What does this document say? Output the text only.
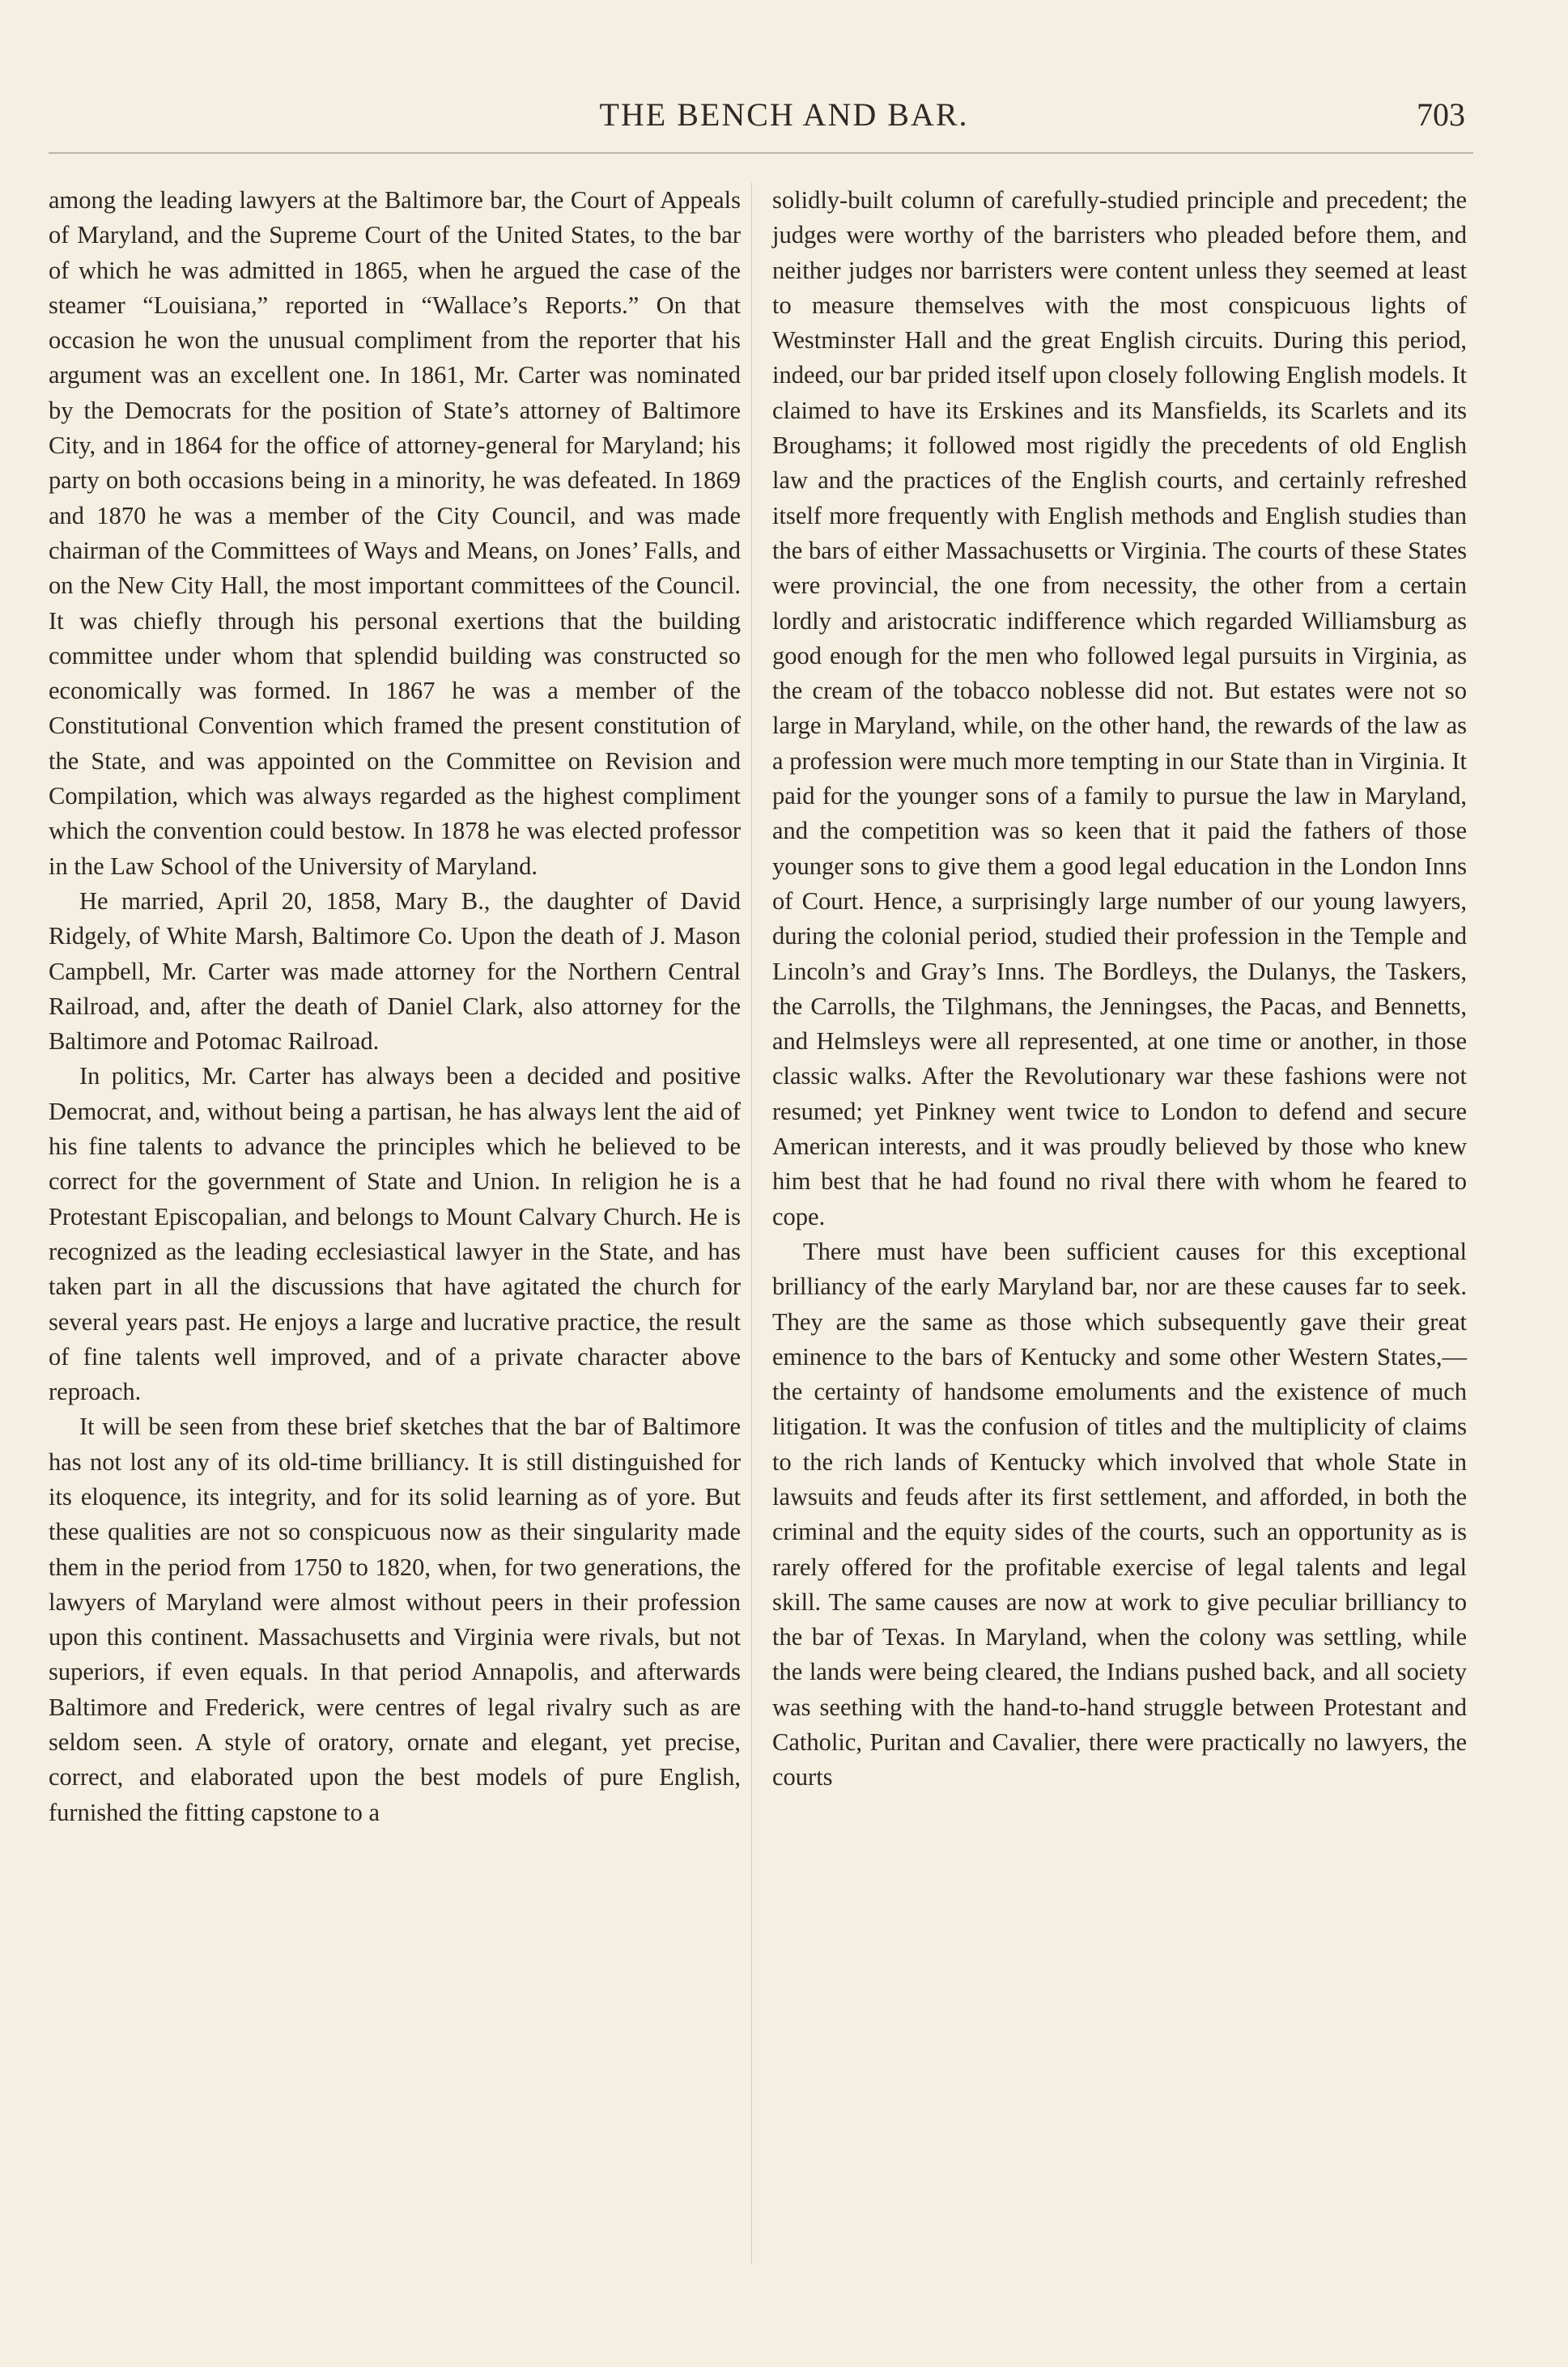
THE BENCH AND BAR.	703

among the leading lawyers at the Baltimore bar, the Court of Appeals of Maryland, and the Supreme Court of the United States, to the bar of which he was admitted in 1865, when he argued the case of the steamer “Louisiana,” reported in “Wallace’s Reports.” On that occasion he won the unusual compliment from the reporter that his argument was an excellent one. In 1861, Mr. Carter was nominated by the Democrats for the position of State’s attorney of Baltimore City, and in 1864 for the office of attorney-general for Maryland; his party on both occasions being in a minority, he was defeated. In 1869 and 1870 he was a member of the City Council, and was made chairman of the Committees of Ways and Means, on Jones’ Falls, and on the New City Hall, the most important committees of the Council. It was chiefly through his personal exertions that the building committee under whom that splendid building was constructed so economically was formed. In 1867 he was a member of the Constitutional Convention which framed the present constitution of the State, and was appointed on the Committee on Revision and Compilation, which was always regarded as the highest compliment which the convention could bestow. In 1878 he was elected professor in the Law School of the University of Maryland.

He married, April 20, 1858, Mary B., the daughter of David Ridgely, of White Marsh, Baltimore Co. Upon the death of J. Mason Campbell, Mr. Carter was made attorney for the Northern Central Railroad, and, after the death of Daniel Clark, also attorney for the Baltimore and Potomac Railroad.

In politics, Mr. Carter has always been a decided and positive Democrat, and, without being a partisan, he has always lent the aid of his fine talents to advance the principles which he believed to be correct for the government of State and Union. In religion he is a Protestant Episcopalian, and belongs to Mount Calvary Church. He is recognized as the leading ecclesiastical lawyer in the State, and has taken part in all the discussions that have agitated the church for several years past. He enjoys a large and lucrative practice, the result of fine talents well improved, and of a private character above reproach.

It will be seen from these brief sketches that the bar of Baltimore has not lost any of its old-time brilliancy. It is still distinguished for its eloquence, its integrity, and for its solid learning as of yore. But these qualities are not so conspicuous now as their singularity made them in the period from 1750 to 1820, when, for two generations, the lawyers of Maryland were almost without peers in their profession upon this continent. Massachusetts and Virginia were rivals, but not superiors, if even equals. In that period Annapolis, and afterwards Baltimore and Frederick, were centres of legal rivalry such as are seldom seen. A style of oratory, ornate and elegant, yet precise, correct, and elaborated upon the best models of pure English, furnished the fitting capstone to a

solidly-built column of carefully-studied principle and precedent; the judges were worthy of the barristers who pleaded before them, and neither judges nor barristers were content unless they seemed at least to measure themselves with the most conspicuous lights of Westminster Hall and the great English circuits. During this period, indeed, our bar prided itself upon closely following English models. It claimed to have its Erskines and its Mansfields, its Scarlets and its Broughams; it followed most rigidly the precedents of old English law and the practices of the English courts, and certainly refreshed itself more frequently with English methods and English studies than the bars of either Massachusetts or Virginia. The courts of these States were provincial, the one from necessity, the other from a certain lordly and aristocratic indifference which regarded Williamsburg as good enough for the men who followed legal pursuits in Virginia, as the cream of the tobacco noblesse did not. But estates were not so large in Maryland, while, on the other hand, the rewards of the law as a profession were much more tempting in our State than in Virginia. It paid for the younger sons of a family to pursue the law in Maryland, and the competition was so keen that it paid the fathers of those younger sons to give them a good legal education in the London Inns of Court. Hence, a surprisingly large number of our young lawyers, during the colonial period, studied their profession in the Temple and Lincoln’s and Gray’s Inns. The Bordleys, the Dulanys, the Taskers, the Carrolls, the Tilghmans, the Jenningses, the Pacas, and Bennetts, and Helmsleys were all represented, at one time or another, in those classic walks. After the Revolutionary war these fashions were not resumed; yet Pinkney went twice to London to defend and secure American interests, and it was proudly believed by those who knew him best that he had found no rival there with whom he feared to cope.

There must have been sufficient causes for this exceptional brilliancy of the early Maryland bar, nor are these causes far to seek. They are the same as those which subsequently gave their great eminence to the bars of Kentucky and some other Western States,—the certainty of handsome emoluments and the existence of much litigation. It was the confusion of titles and the multiplicity of claims to the rich lands of Kentucky which involved that whole State in lawsuits and feuds after its first settlement, and afforded, in both the criminal and the equity sides of the courts, such an opportunity as is rarely offered for the profitable exercise of legal talents and legal skill. The same causes are now at work to give peculiar brilliancy to the bar of Texas. In Maryland, when the colony was settling, while the lands were being cleared, the Indians pushed back, and all society was seething with the hand-to-hand struggle between Protestant and Catholic, Puritan and Cavalier, there were practically no lawyers, the courts
